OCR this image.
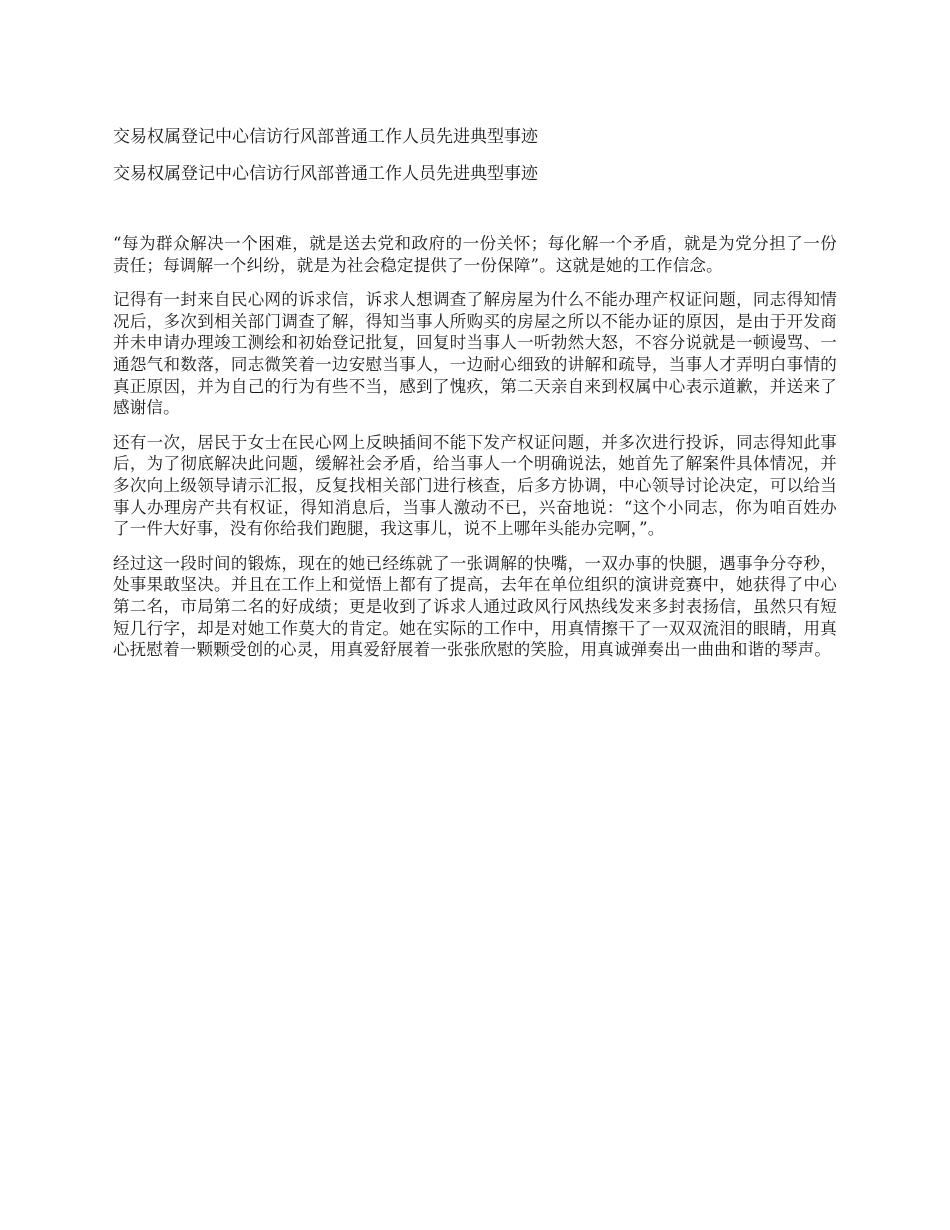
交易权属登记中心信访行风部普通工作人员先进典型事迹
交易权属登记中心信访行风部普通工作人员先进典型事迹

“每为群众解决一个困难，就是送去党和政府的一份关怀；每化解一个矛盾，就是为党分担了一份责任；每调解一个纠纷，就是为社会稳定提供了一份保障”。这就是她的工作信念。

记得有一封来自民心网的诉求信，诉求人想调查了解房屋为什么不能办理产权证问题，同志得知情况后，多次到相关部门调查了解，得知当事人所购买的房屋之所以不能办证的原因，是由于开发商并未申请办理竣工测绘和初始登记批复，回复时当事人一听勃然大怒，不容分说就是一顿谩骂、一通怨气和数落，同志微笑着一边安慰当事人，一边耐心细致的讲解和疏导，当事人才弄明白事情的真正原因，并为自己的行为有些不当，感到了愧疚，第二天亲自来到权属中心表示道歉，并送来了感谢信。

还有一次，居民于女士在民心网上反映插间不能下发产权证问题，并多次进行投诉，同志得知此事后，为了彻底解决此问题，缓解社会矛盾，给当事人一个明确说法，她首先了解案件具体情况，并多次向上级领导请示汇报，反复找相关部门进行核查，后多方协调，中心领导讨论决定，可以给当事人办理房产共有权证，得知消息后，当事人激动不已，兴奋地说：“这个小同志，你为咱百姓办了一件大好事，没有你给我们跑腿，我这事儿，说不上哪年头能办完啊，”。

经过这一段时间的锻炼，现在的她已经练就了一张调解的快嘴，一双办事的快腿，遇事争分夺秒，处事果敢坚决。并且在工作上和觉悟上都有了提高，去年在单位组织的演讲竞赛中，她获得了中心第二名，市局第二名的好成绩；更是收到了诉求人通过政风行风热线发来多封表扬信，虽然只有短短几行字，却是对她工作莫大的肯定。她在实际的工作中，用真情擦干了一双双流泪的眼睛，用真心抚慰着一颗颗受创的心灵，用真爱舒展着一张张欣慰的笑脸，用真诚弹奏出一曲曲和谐的琴声。
